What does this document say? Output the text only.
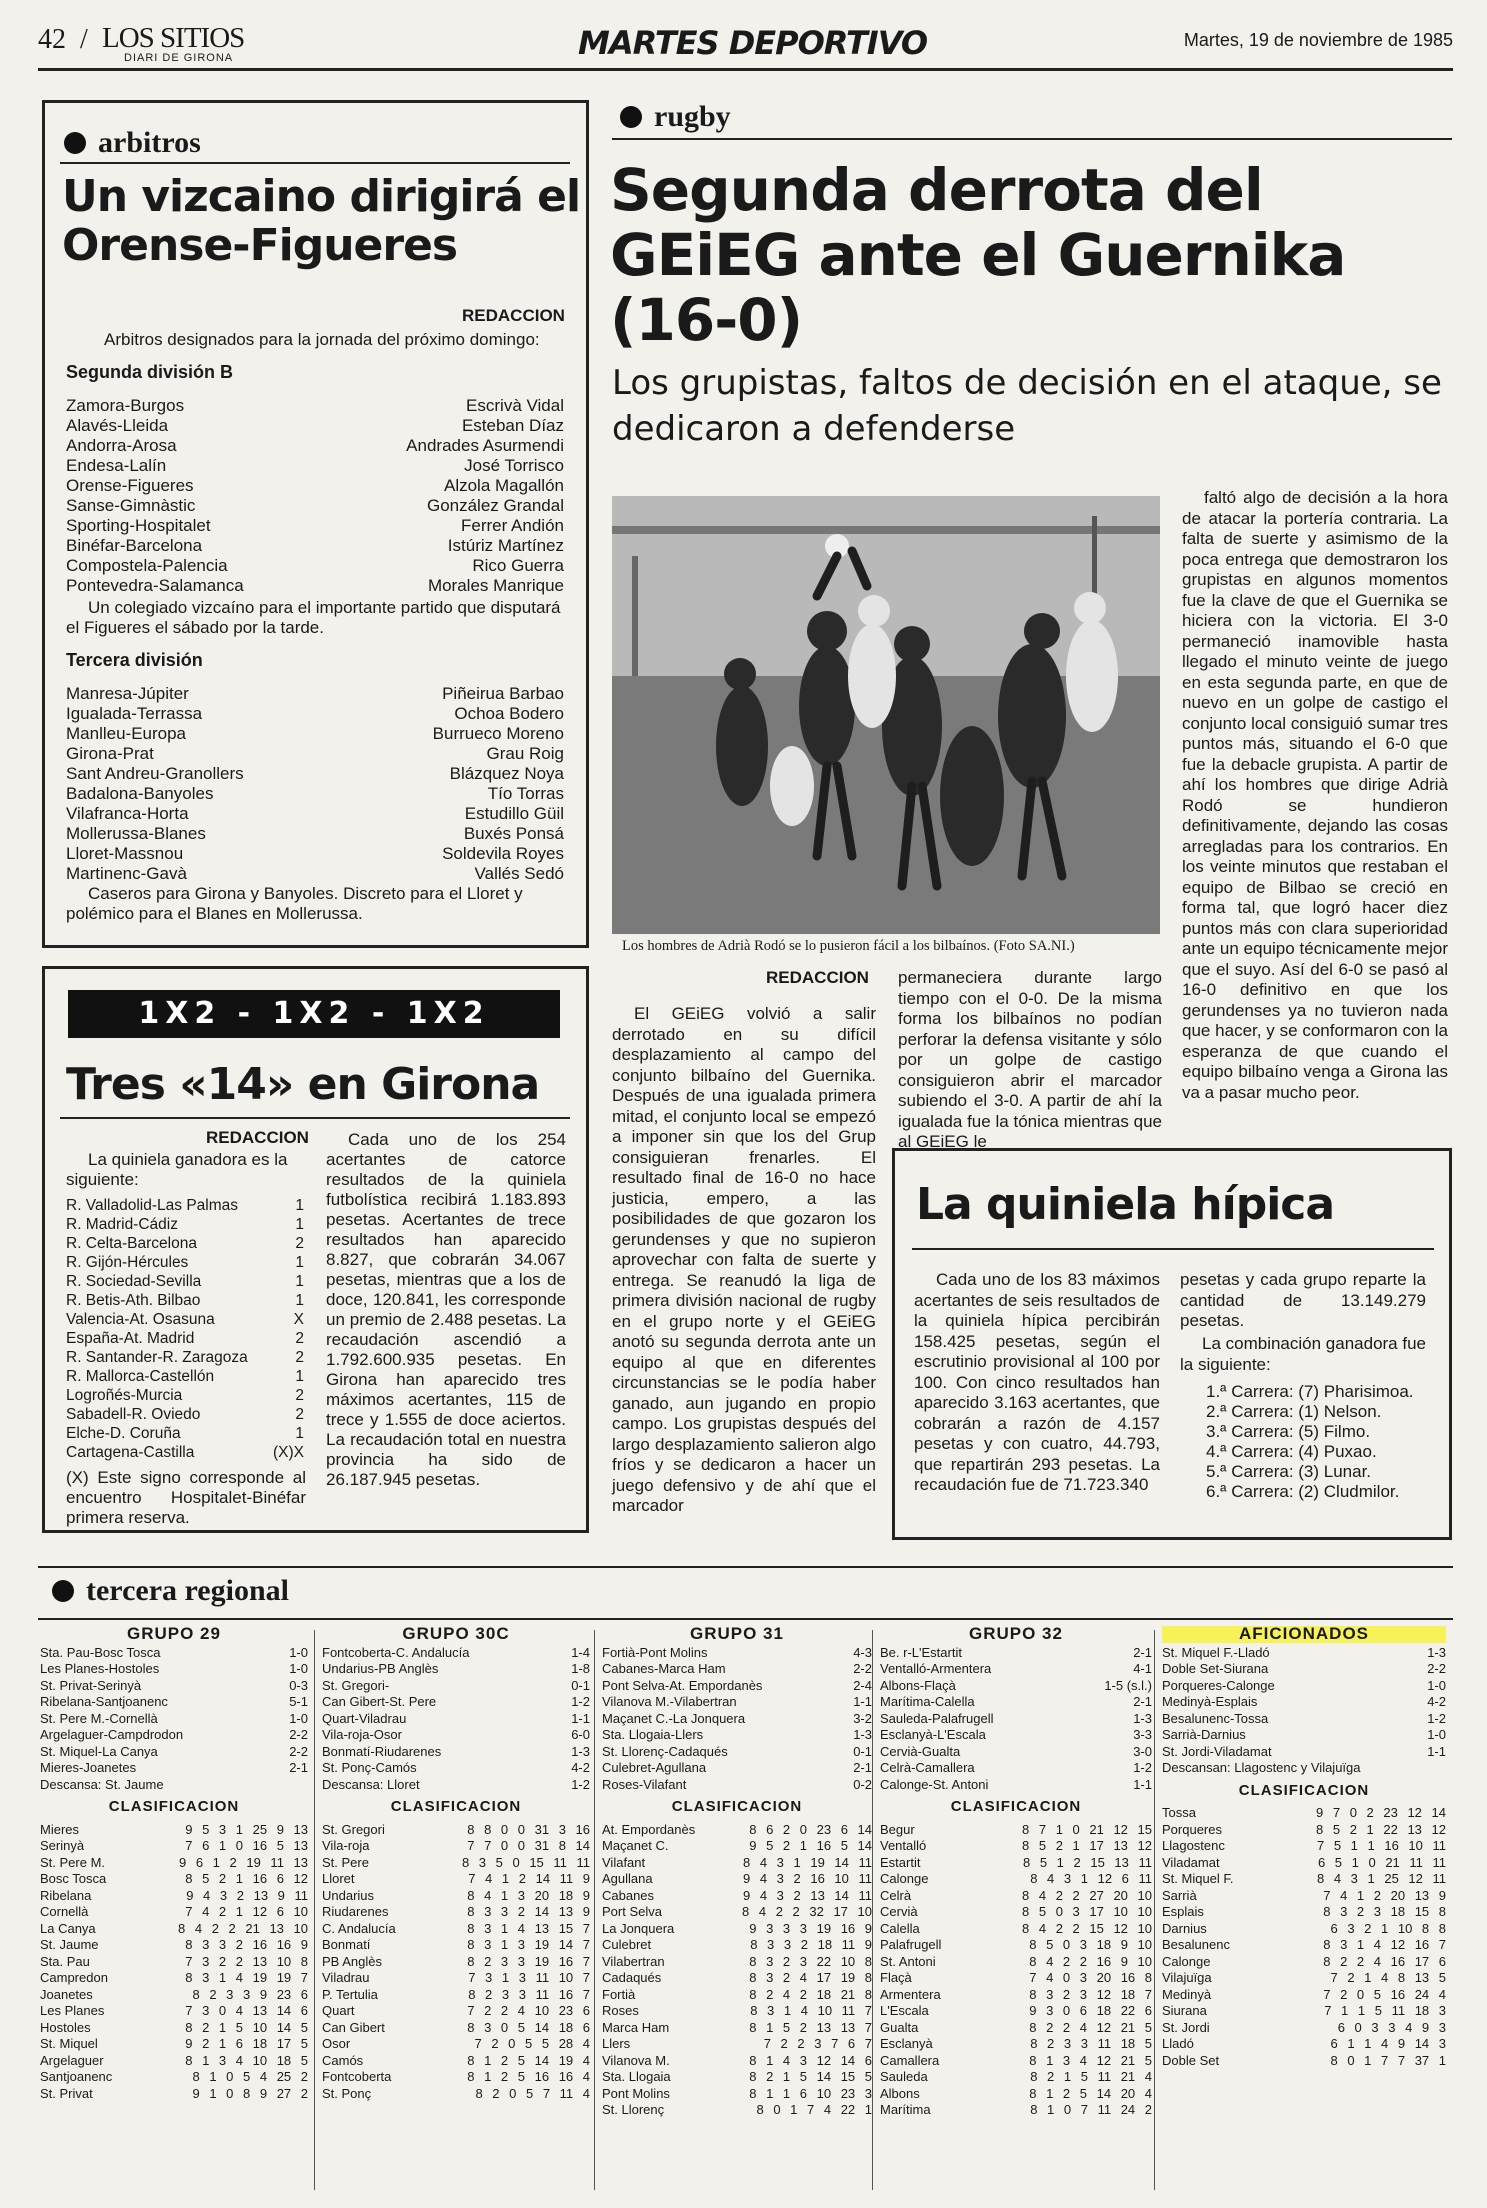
42 / LOS SITIOS
DIARI DE GIRONA	MARTES DEPORTIVO	Martes, 19 de noviembre de 1985
arbitros
Un vizcaino dirigirá el Orense-Figueres
REDACCION
Arbitros designados para la jornada del próximo domingo:
Segunda división B
Zamora-Burgos	Escrivà Vidal
Alavés-Lleida	Esteban Díaz
Andorra-Arosa	Andrades Asurmendi
Endesa-Lalín	José Torrisco
Orense-Figueres	Alzola Magallón
Sanse-Gimnàstic	González Grandal
Sporting-Hospitalet	Ferrer Andión
Binéfar-Barcelona	Istúriz Martínez
Compostela-Palencia	Rico Guerra
Pontevedra-Salamanca	Morales Manrique
Un colegiado vizcaíno para el importante partido que disputará el Figueres el sábado por la tarde.
Tercera división
Manresa-Júpiter	Piñeiruа Barbao
Igualada-Terrassa	Ochoa Bodero
Manlleu-Europa	Burrueco Moreno
Girona-Prat	Grau Roig
Sant Andreu-Granollers	Blázquez Noya
Badalona-Banyoles	Tío Torras
Vilafranca-Horta	Estudillo Güil
Mollerussa-Blanes	Buxés Ponsá
Lloret-Massnou	Soldevila Royes
Martinenc-Gavà	Vallés Sedó
Caseros para Girona y Banyoles. Discreto para el Lloret y polémico para el Blanes en Mollerussa.
1X2 - 1X2 - 1X2
Tres «14» en Girona
REDACCION
La quiniela ganadora es la siguiente:
R. Valladolid-Las Palmas	1
R. Madrid-Cádiz	1
R. Celta-Barcelona	2
R. Gijón-Hércules	1
R. Sociedad-Sevilla	1
R. Betis-Ath. Bilbao	1
Valencia-At. Osasuna	X
España-At. Madrid	2
R. Santander-R. Zaragoza	2
R. Mallorca-Castellón	1
Logroñés-Murcia	2
Sabadell-R. Oviedo	2
Elche-D. Coruña	1
Cartagena-Castilla	(X)X
(X) Este signo corresponde al encuentro Hospitalet-Binéfar primera reserva.
Cada uno de los 254 acertantes de catorce resultados de la quiniela futbolística recibirá 1.183.893 pesetas. Acertantes de trece resultados han aparecido 8.827, que cobrarán 34.067 pesetas, mientras que a los de doce, 120.841, les corresponde un premio de 2.488 pesetas. La recaudación ascendió a 1.792.600.935 pesetas. En Girona han aparecido tres máximos acertantes, 115 de trece y 1.555 de doce aciertos. La recaudación total en nuestra provincia ha sido de 26.187.945 pesetas.
rugby
Segunda derrota del GEiEG ante el Guernika (16-0)
Los grupistas, faltos de decisión en el ataque, se dedicaron a defenderse
Los hombres de Adrià Rodó se lo pusieron fácil a los bilbaínos. (Foto SA.NI.)
REDACCION
El GEiEG volvió a salir derrotado en su difícil desplazamiento al campo del conjunto bilbaíno del Guernika. Después de una igualada primera mitad, el conjunto local se empezó a imponer sin que los del Grup consiguieran frenarles. El resultado final de 16-0 no hace justicia, empero, a las posibilidades de que gozaron los gerundenses y que no supieron aprovechar con falta de suerte y entrega. Se reanudó la liga de primera división nacional de rugby en el grupo norte y el GEiEG anotó su segunda derrota ante un equipo al que en diferentes circunstancias se le podía haber ganado, aun jugando en propio campo. Los grupistas después del largo desplazamiento salieron algo fríos y se dedicaron a hacer un juego defensivo y de ahí que el marcador
permaneciera durante largo tiempo con el 0-0. De la misma forma los bilbaínos no podían perforar la defensa visitante y sólo por un golpe de castigo consiguieron abrir el marcador subiendo el 3-0. A partir de ahí la igualada fue la tónica mientras que al GEiEG le
faltó algo de decisión a la hora de atacar la portería contraria. La falta de suerte y asimismo de la poca entrega que demostraron los grupistas en algunos momentos fue la clave de que el Guernika se hiciera con la victoria. El 3-0 permaneció inamovible hasta llegado el minuto veinte de juego en esta segunda parte, en que de nuevo en un golpe de castigo el conjunto local consiguió sumar tres puntos más, situando el 6-0 que fue la debacle grupista. A partir de ahí los hombres que dirige Adrià Rodó se hundieron definitivamente, dejando las cosas arregladas para los contrarios. En los veinte minutos que restaban el equipo de Bilbao se creció en forma tal, que logró hacer diez puntos más con clara superioridad ante un equipo técnicamente mejor que el suyo. Así del 6-0 se pasó al 16-0 definitivo en que los gerundenses ya no tuvieron nada que hacer, y se conformaron con la esperanza de que cuando el equipo bilbaíno venga a Girona las va a pasar mucho peor.
La quiniela hípica
Cada uno de los 83 máximos acertantes de seis resultados de la quiniela hípica percibirán 158.425 pesetas, según el escrutinio provisional al 100 por 100. Con cinco resultados han aparecido 3.163 acertantes, que cobrarán a razón de 4.157 pesetas y con cuatro, 44.793, que repartirán 293 pesetas. La recaudación fue de 71.723.340
pesetas y cada grupo reparte la cantidad de 13.149.279 pesetas.
La combinación ganadora fue la siguiente:
1.ª Carrera: (7) Pharisimoa.
2.ª Carrera: (1) Nelson.
3.ª Carrera: (5) Filmo.
4.ª Carrera: (4) Puxao.
5.ª Carrera: (3) Lunar.
6.ª Carrera: (2) Cludmilor.
tercera regional
GRUPO 29
Sta. Pau-Bosc Tosca	1-0
Les Planes-Hostoles	1-0
St. Privat-Serinyà	0-3
Ribelana-Santjoanenc	5-1
St. Pere M.-Cornellà	1-0
Argelaguer-Campdrodon	2-2
St. Miquel-La Canya	2-2
Mieres-Joanetes	2-1
Descansa: St. Jaume
CLASIFICACION
Mieres	9 5 3 1 25 9 13
Serinyà	7 6 1 0 16 5 13
St. Pere M.	9 6 1 2 19 11 13
Bosc Tosca	8 5 2 1 16 6 12
Ribelana	9 4 3 2 13 9 11
Cornellà	7 4 2 1 12 6 10
La Canya	8 4 2 2 21 13 10
St. Jaume	8 3 3 2 16 16 9
Sta. Pau	7 3 2 2 13 10 8
Campredon	8 3 1 4 19 19 7
Joanetes	8 2 3 3 9 23 6
Les Planes	7 3 0 4 13 14 6
Hostoles	8 2 1 5 10 14 5
St. Miquel	9 2 1 6 18 17 5
Argelaguer	8 1 3 4 10 18 5
Santjoanenc	8 1 0 5 4 25 2
St. Privat	9 1 0 8 9 27 2
GRUPO 30C
Fontcoberta-C. Andalucía	1-4
Undarius-PB Anglès	1-8
St. Gregori-	0-1
Can Gibert-St. Pere	1-2
Quart-Viladrau	1-1
Vila-roja-Osor	6-0
Bonmatí-Riudarenes	1-3
St. Ponç-Camós	4-2
Descansa: Lloret	1-2
CLASIFICACION
St. Gregori	8 8 0 0 31 3 16
Vila-roja	7 7 0 0 31 8 14
St. Pere	8 3 5 0 15 11 11
Lloret	7 4 1 2 14 11 9
Undarius	8 4 1 3 20 18 9
Riudarenes	8 3 3 2 14 13 9
C. Andalucía	8 3 1 4 13 15 7
Bonmatí	8 3 1 3 19 14 7
PB Anglès	8 2 3 3 19 16 7
Viladrau	7 3 1 3 11 10 7
P. Tertulia	8 2 3 3 11 16 7
Quart	7 2 2 4 10 23 6
Can Gibert	8 3 0 5 14 18 6
Osor	7 2 0 5 5 28 4
Camós	8 1 2 5 14 19 4
Fontcoberta	8 1 2 5 16 16 4
St. Ponç	8 2 0 5 7 11 4
GRUPO 31
Fortià-Pont Molins	4-3
Cabanes-Marca Ham	2-2
Pont Selva-At. Empordanès	2-4
Vilanova M.-Vilabertran	1-1
Maçanet C.-La Jonquera	3-2
Sta. Llogaia-Llers	1-3
St. Llorenç-Cadaqués	0-1
Culebret-Agullana	2-1
Roses-Vilafant	0-2
CLASIFICACION
At. Empordanès	8 6 2 0 23 6 14
Maçanet C.	9 5 2 1 16 5 14
Vilafant	8 4 3 1 19 14 11
Agullana	9 4 3 2 16 10 11
Cabanes	9 4 3 2 13 14 11
Port Selva	8 4 2 2 32 17 10
La Jonquera	9 3 3 3 19 16 9
Culebret	8 3 3 2 18 11 9
Vilabertran	8 3 2 3 22 10 8
Cadaqués	8 3 2 4 17 19 8
Fortià	8 2 4 2 18 21 8
Roses	8 3 1 4 10 11 7
Marca Ham	8 1 5 2 13 13 7
Llers	7 2 2 3 7 6 7
Vilanova M.	8 1 4 3 12 14 6
Sta. Llogaia	8 2 1 5 14 15 5
Pont Molins	8 1 1 6 10 23 3
St. Llorenç	8 0 1 7 4 22 1
GRUPO 32
Be. r-L'Estartit	2-1
Ventalló-Armentera	4-1
Albons-Flaçà	1-5 (s.l.)
Marítima-Calella	2-1
Sauleda-Palafrugell	1-3
Esclanyà-L'Escala	3-3
Cervià-Gualta	3-0
Celrà-Camallera	1-2
Calonge-St. Antoni	1-1
CLASIFICACION
Begur	8 7 1 0 21 12 15
Ventalló	8 5 2 1 17 13 12
Estartit	8 5 1 2 15 13 11
Calonge	8 4 3 1 12 6 11
Celrà	8 4 2 2 27 20 10
Cervià	8 5 0 3 17 10 10
Calella	8 4 2 2 15 12 10
Palafrugell	8 5 0 3 18 9 10
St. Antoni	8 4 2 2 16 9 10
Flaçà	7 4 0 3 20 16 8
Armentera	8 3 2 3 12 18 7
L'Escala	9 3 0 6 18 22 6
Gualta	8 2 2 4 12 21 5
Esclanyà	8 2 3 3 11 18 5
Camallera	8 1 3 4 12 21 5
Sauleda	8 2 1 5 11 21 4
Albons	8 1 2 5 14 20 4
Marítima	8 1 0 7 11 24 2
AFICIONADOS
St. Miquel F.-Lladó	1-3
Doble Set-Siurana	2-2
Porqueres-Calonge	1-0
Medinyà-Esplais	4-2
Besalunenc-Tossa	1-2
Sarrià-Darnius	1-0
St. Jordi-Viladamat	1-1
Descansan: Llagostenc y Vilajuïga
CLASIFICACION
Tossa	9 7 0 2 23 12 14
Porqueres	8 5 2 1 22 13 12
Llagostenc	7 5 1 1 16 10 11
Viladamat	6 5 1 0 21 11 11
St. Miquel F.	8 4 3 1 25 12 11
Sarrià	7 4 1 2 20 13 9
Esplais	8 3 2 3 18 15 8
Darnius	6 3 2 1 10 8 8
Besalunenc	8 3 1 4 12 16 7
Calonge	8 2 2 4 16 17 6
Vilajuïga	7 2 1 4 8 13 5
Medinyà	7 2 0 5 16 24 4
Siurana	7 1 1 5 11 18 3
St. Jordi	6 0 3 3 4 9 3
Lladó	6 1 1 4 9 14 3
Doble Set	8 0 1 7 7 37 1
